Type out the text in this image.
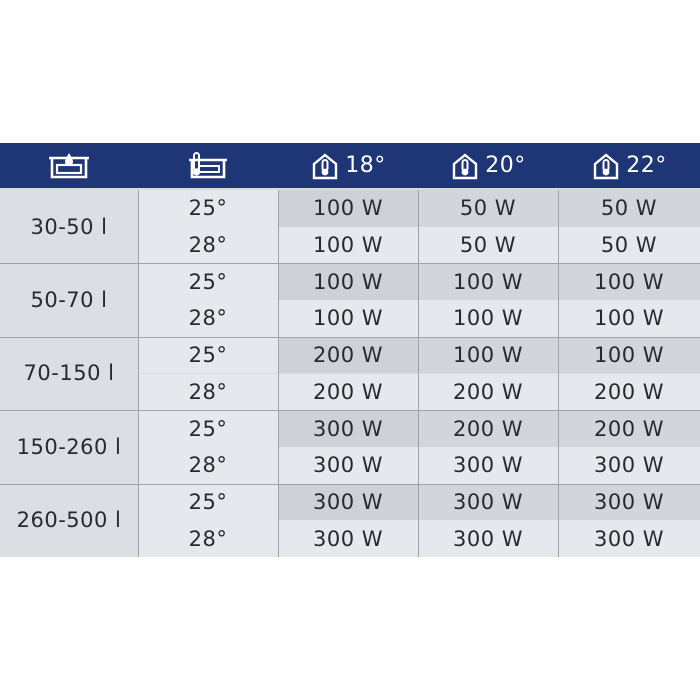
18°	20°	22°
30-50 l
25°	100 W	50 W	50 W
28°	100 W	50 W	50 W
50-70 l
25°	100 W	100 W	100 W
28°	100 W	100 W	100 W
70-150 l
25°	200 W	100 W	100 W
28°	200 W	200 W	200 W
150-260 l
25°	300 W	200 W	200 W
28°	300 W	300 W	300 W
260-500 l
25°	300 W	300 W	300 W
28°	300 W	300 W	300 W
